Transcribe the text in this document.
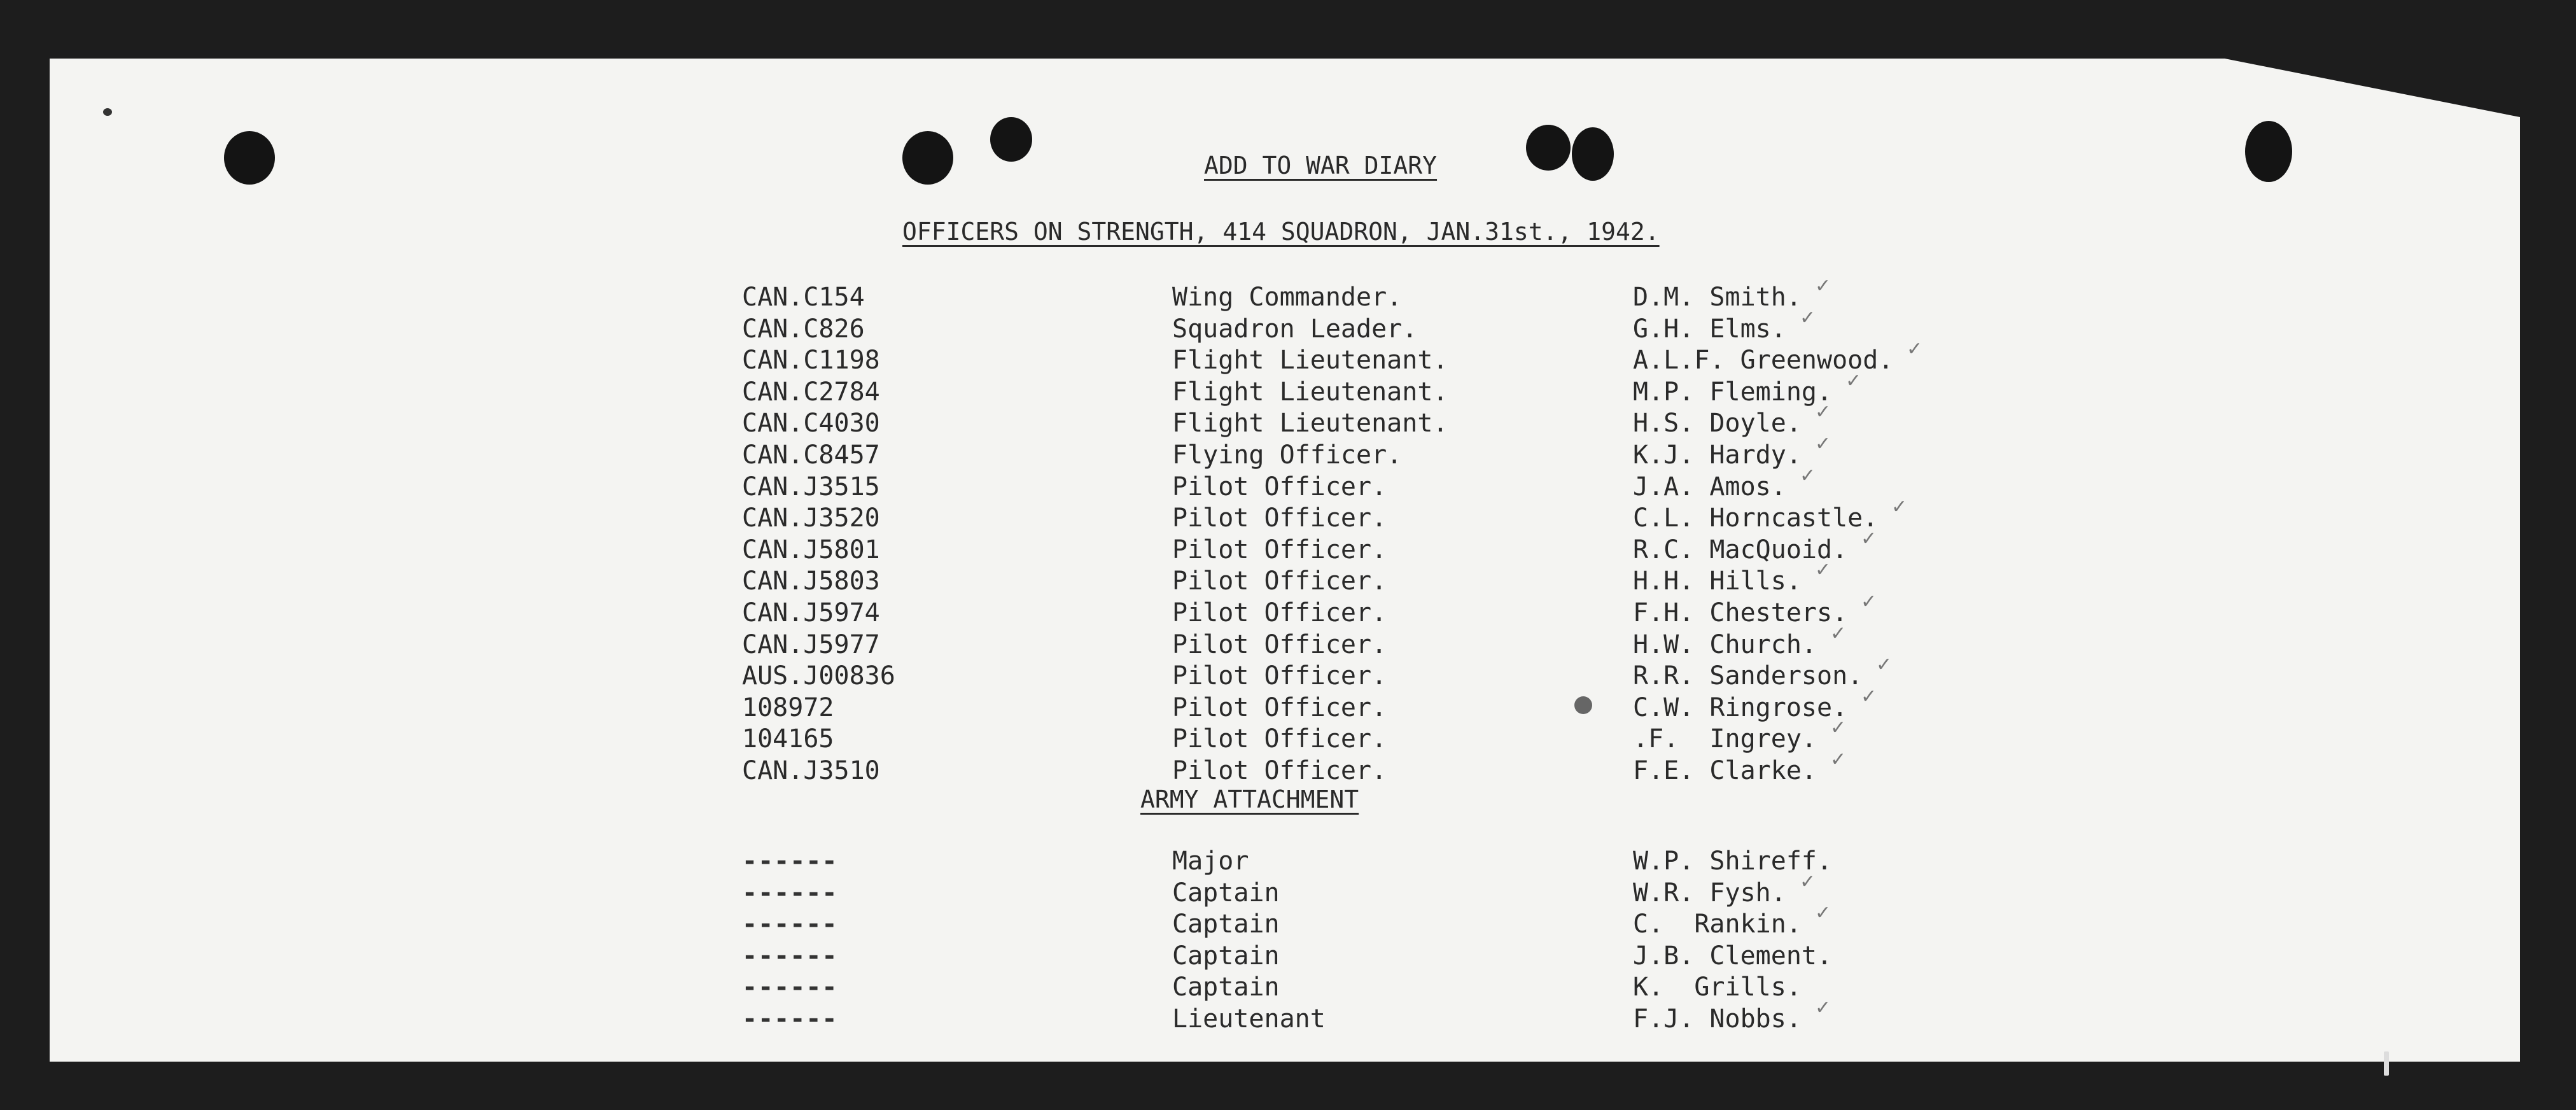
ADD TO WAR DIARY
OFFICERS ON STRENGTH, 414 SQUADRON, JAN.31st., 1942.
CAN.C154	Wing Commander.	D.M. Smith. ✓
CAN.C826	Squadron Leader.	G.H. Elms. ✓
CAN.C1198	Flight Lieutenant.	A.L.F. Greenwood. ✓
CAN.C2784	Flight Lieutenant.	M.P. Fleming. ✓
CAN.C4030	Flight Lieutenant.	H.S. Doyle. ✓
CAN.C8457	Flying Officer.	K.J. Hardy. ✓
CAN.J3515	Pilot Officer.	J.A. Amos. ✓
CAN.J3520	Pilot Officer.	C.L. Horncastle. ✓
CAN.J5801	Pilot Officer.	R.C. MacQuoid. ✓
CAN.J5803	Pilot Officer.	H.H. Hills. ✓
CAN.J5974	Pilot Officer.	F.H. Chesters. ✓
CAN.J5977	Pilot Officer.	H.W. Church. ✓
AUS.J00836	Pilot Officer.	R.R. Sanderson. ✓
108972	Pilot Officer.	C.W. Ringrose. ✓
104165	Pilot Officer.	.F.  Ingrey. ✓
CAN.J3510	Pilot Officer.	F.E. Clarke. ✓
ARMY ATTACHMENT
------	Major	W.P. Shireff.
------	Captain	W.R. Fysh. ✓
------	Captain	C.  Rankin. ✓
------	Captain	J.B. Clement.
------	Captain	K.  Grills.
------	Lieutenant	F.J. Nobbs. ✓
